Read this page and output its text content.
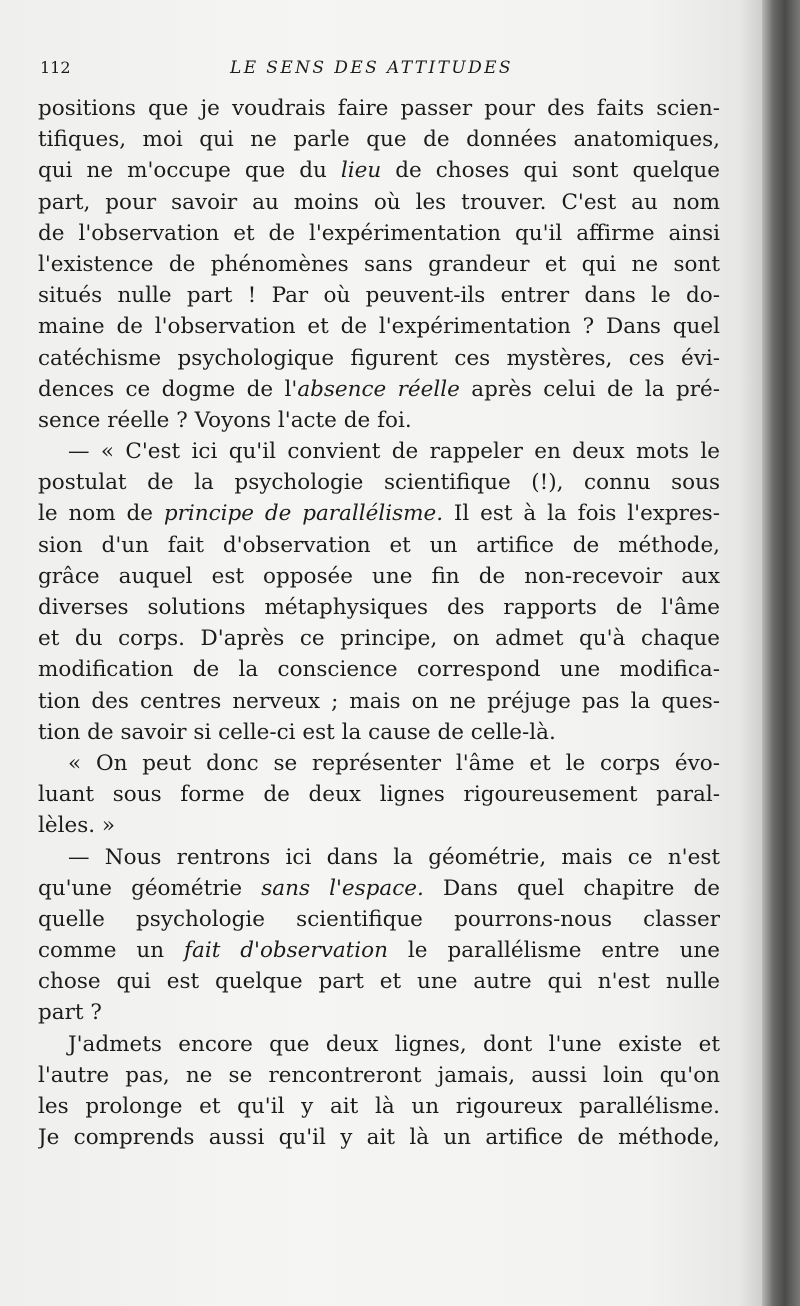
112	LE SENS DES ATTITUDES
positions que je voudrais faire passer pour des faits scien-
tifiques, moi qui ne parle que de données anatomiques,
qui ne m'occupe que du lieu de choses qui sont quelque
part, pour savoir au moins où les trouver. C'est au nom
de l'observation et de l'expérimentation qu'il affirme ainsi
l'existence de phénomènes sans grandeur et qui ne sont
situés nulle part ! Par où peuvent-ils entrer dans le do-
maine de l'observation et de l'expérimentation ? Dans quel
catéchisme psychologique figurent ces mystères, ces évi-
dences ce dogme de l'absence réelle après celui de la pré-
sence réelle ? Voyons l'acte de foi.
— « C'est ici qu'il convient de rappeler en deux mots le
postulat de la psychologie scientifique (!), connu sous
le nom de principe de parallélisme. Il est à la fois l'expres-
sion d'un fait d'observation et un artifice de méthode,
grâce auquel est opposée une fin de non-recevoir aux
diverses solutions métaphysiques des rapports de l'âme
et du corps. D'après ce principe, on admet qu'à chaque
modification de la conscience correspond une modifica-
tion des centres nerveux ; mais on ne préjuge pas la ques-
tion de savoir si celle-ci est la cause de celle-là.
« On peut donc se représenter l'âme et le corps évo-
luant sous forme de deux lignes rigoureusement paral-
lèles. »
— Nous rentrons ici dans la géométrie, mais ce n'est
qu'une géométrie sans l'espace. Dans quel chapitre de
quelle psychologie scientifique pourrons-nous classer
comme un fait d'observation le parallélisme entre une
chose qui est quelque part et une autre qui n'est nulle
part ?
J'admets encore que deux lignes, dont l'une existe et
l'autre pas, ne se rencontreront jamais, aussi loin qu'on
les prolonge et qu'il y ait là un rigoureux parallélisme.
Je comprends aussi qu'il y ait là un artifice de méthode,
